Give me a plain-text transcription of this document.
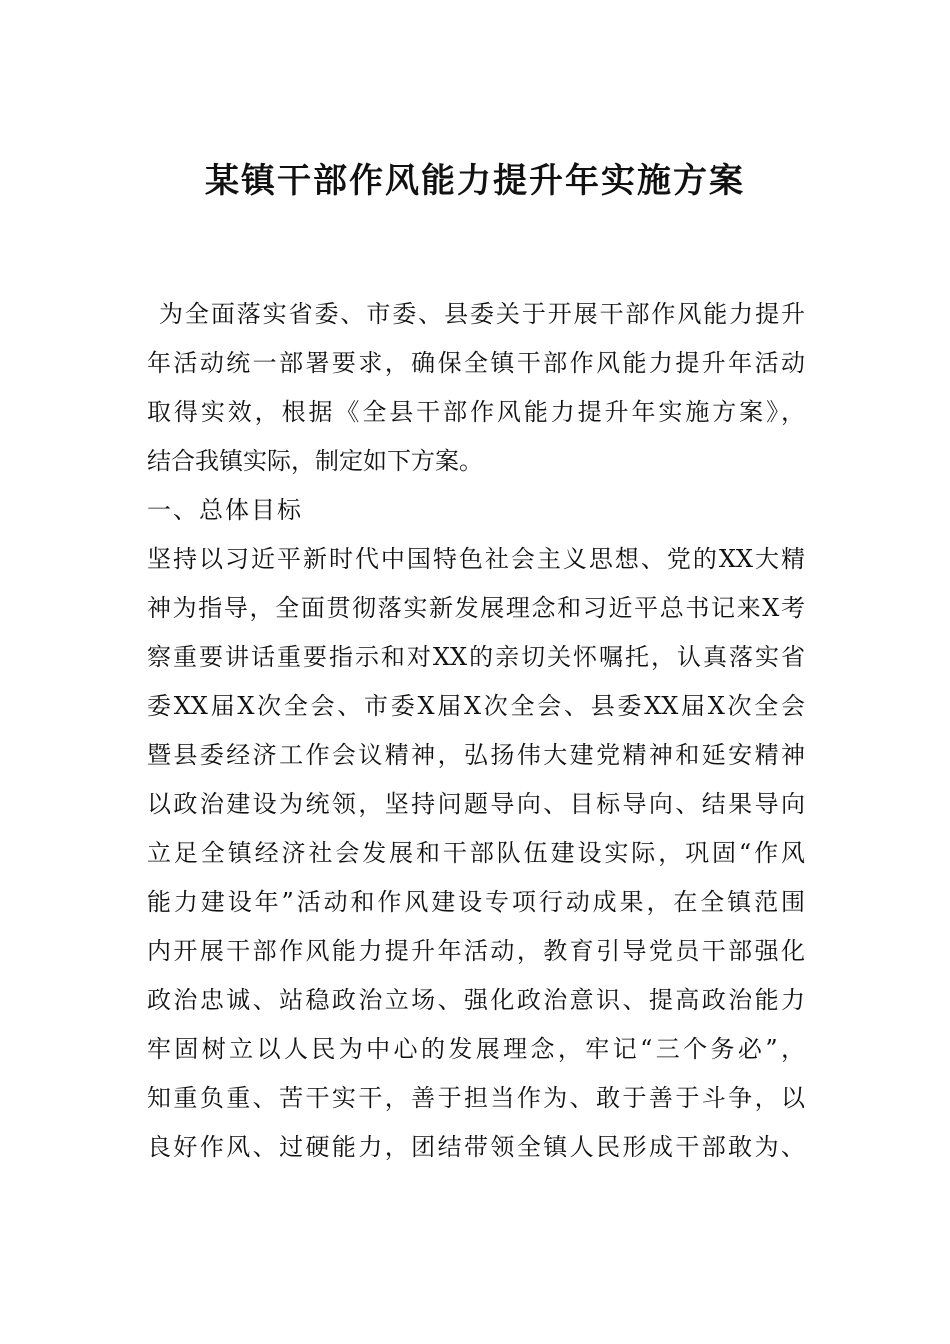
某镇干部作风能力提升年实施方案

为全面落实省委、市委、县委关于开展干部作风能力提升

年活动统一部署要求，确保全镇干部作风能力提升年活动

取得实效，根据《全县干部作风能力提升年实施方案》，

结合我镇实际，制定如下方案。

一、总体目标

坚持以习近平新时代中国特色社会主义思想、党的XX大精

神为指导，全面贯彻落实新发展理念和习近平总书记来X考

察重要讲话重要指示和对XX的亲切关怀嘱托，认真落实省

委XX届X次全会、市委X届X次全会、县委XX届X次全会

暨县委经济工作会议精神，弘扬伟大建党精神和延安精神

以政治建设为统领，坚持问题导向、目标导向、结果导向

立足全镇经济社会发展和干部队伍建设实际，巩固“作风

能力建设年”活动和作风建设专项行动成果，在全镇范围

内开展干部作风能力提升年活动，教育引导党员干部强化

政治忠诚、站稳政治立场、强化政治意识、提高政治能力

牢固树立以人民为中心的发展理念，牢记“三个务必”，

知重负重、苦干实干，善于担当作为、敢于善于斗争，以

良好作风、过硬能力，团结带领全镇人民形成干部敢为、
